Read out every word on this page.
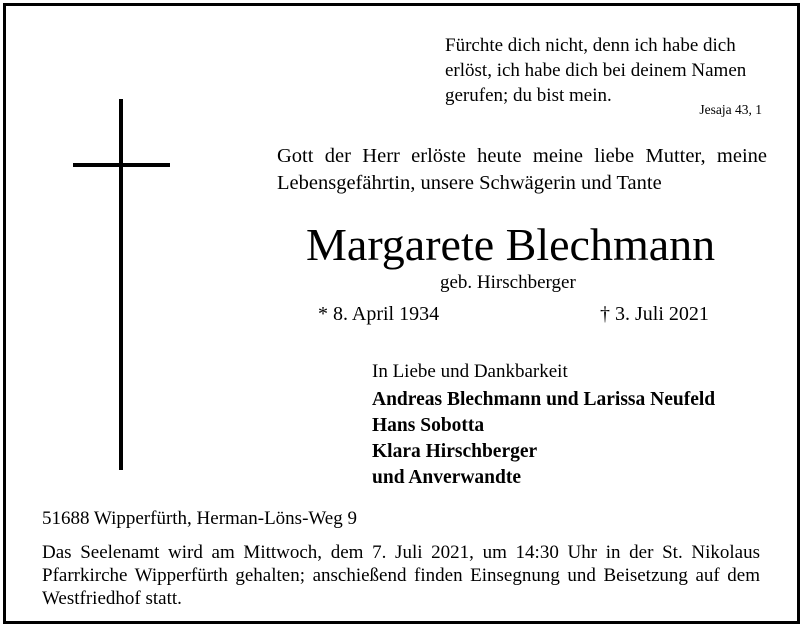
Fürchte dich nicht, denn ich habe dich erlöst, ich habe dich bei deinem Namen gerufen; du bist mein.
Jesaja 43, 1
Gott der Herr erlöste heute meine liebe Mutter, meine Lebensgefährtin, unsere Schwägerin und Tante
Margarete Blechmann
geb. Hirschberger
* 8. April 1934	† 3. Juli 2021
In Liebe und Dankbarkeit
Andreas Blechmann und Larissa Neufeld
Hans Sobotta
Klara Hirschberger
und Anverwandte
51688 Wipperfürth, Herman-Löns-Weg 9
Das Seelenamt wird am Mittwoch, dem 7. Juli 2021, um 14:30 Uhr in der St. Nikolaus Pfarrkirche Wipperfürth gehalten; anschießend finden Einsegnung und Beisetzung auf dem Westfriedhof statt.
